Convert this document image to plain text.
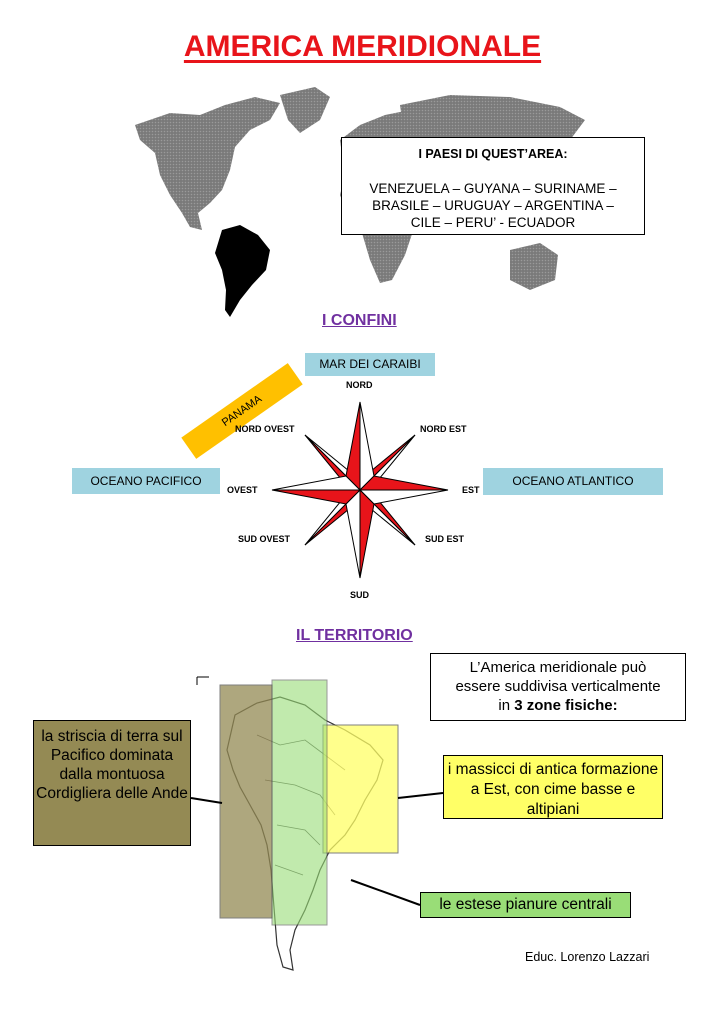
AMERICA MERIDIONALE
I PAESI DI QUEST’AREA:
VENEZUELA – GUYANA – SURINAME –
BRASILE – URUGUAY – ARGENTINA –
CILE – PERU’ - ECUADOR
I CONFINI
MAR DEI CARAIBI
OCEANO PACIFICO	OCEANO ATLANTICO
PANAMA
NORD
NORD EST
EST
SUD EST
SUD
SUD OVEST
OVEST
NORD OVEST
IL TERRITORIO
L’America meridionale può
essere suddivisa verticalmente
in 3 zone fisiche:
la striscia di terra sul Pacifico dominata dalla montuosa Cordigliera delle Ande
i massicci di antica formazione a Est, con cime basse e altipiani
le estese pianure centrali
Educ. Lorenzo Lazzari
